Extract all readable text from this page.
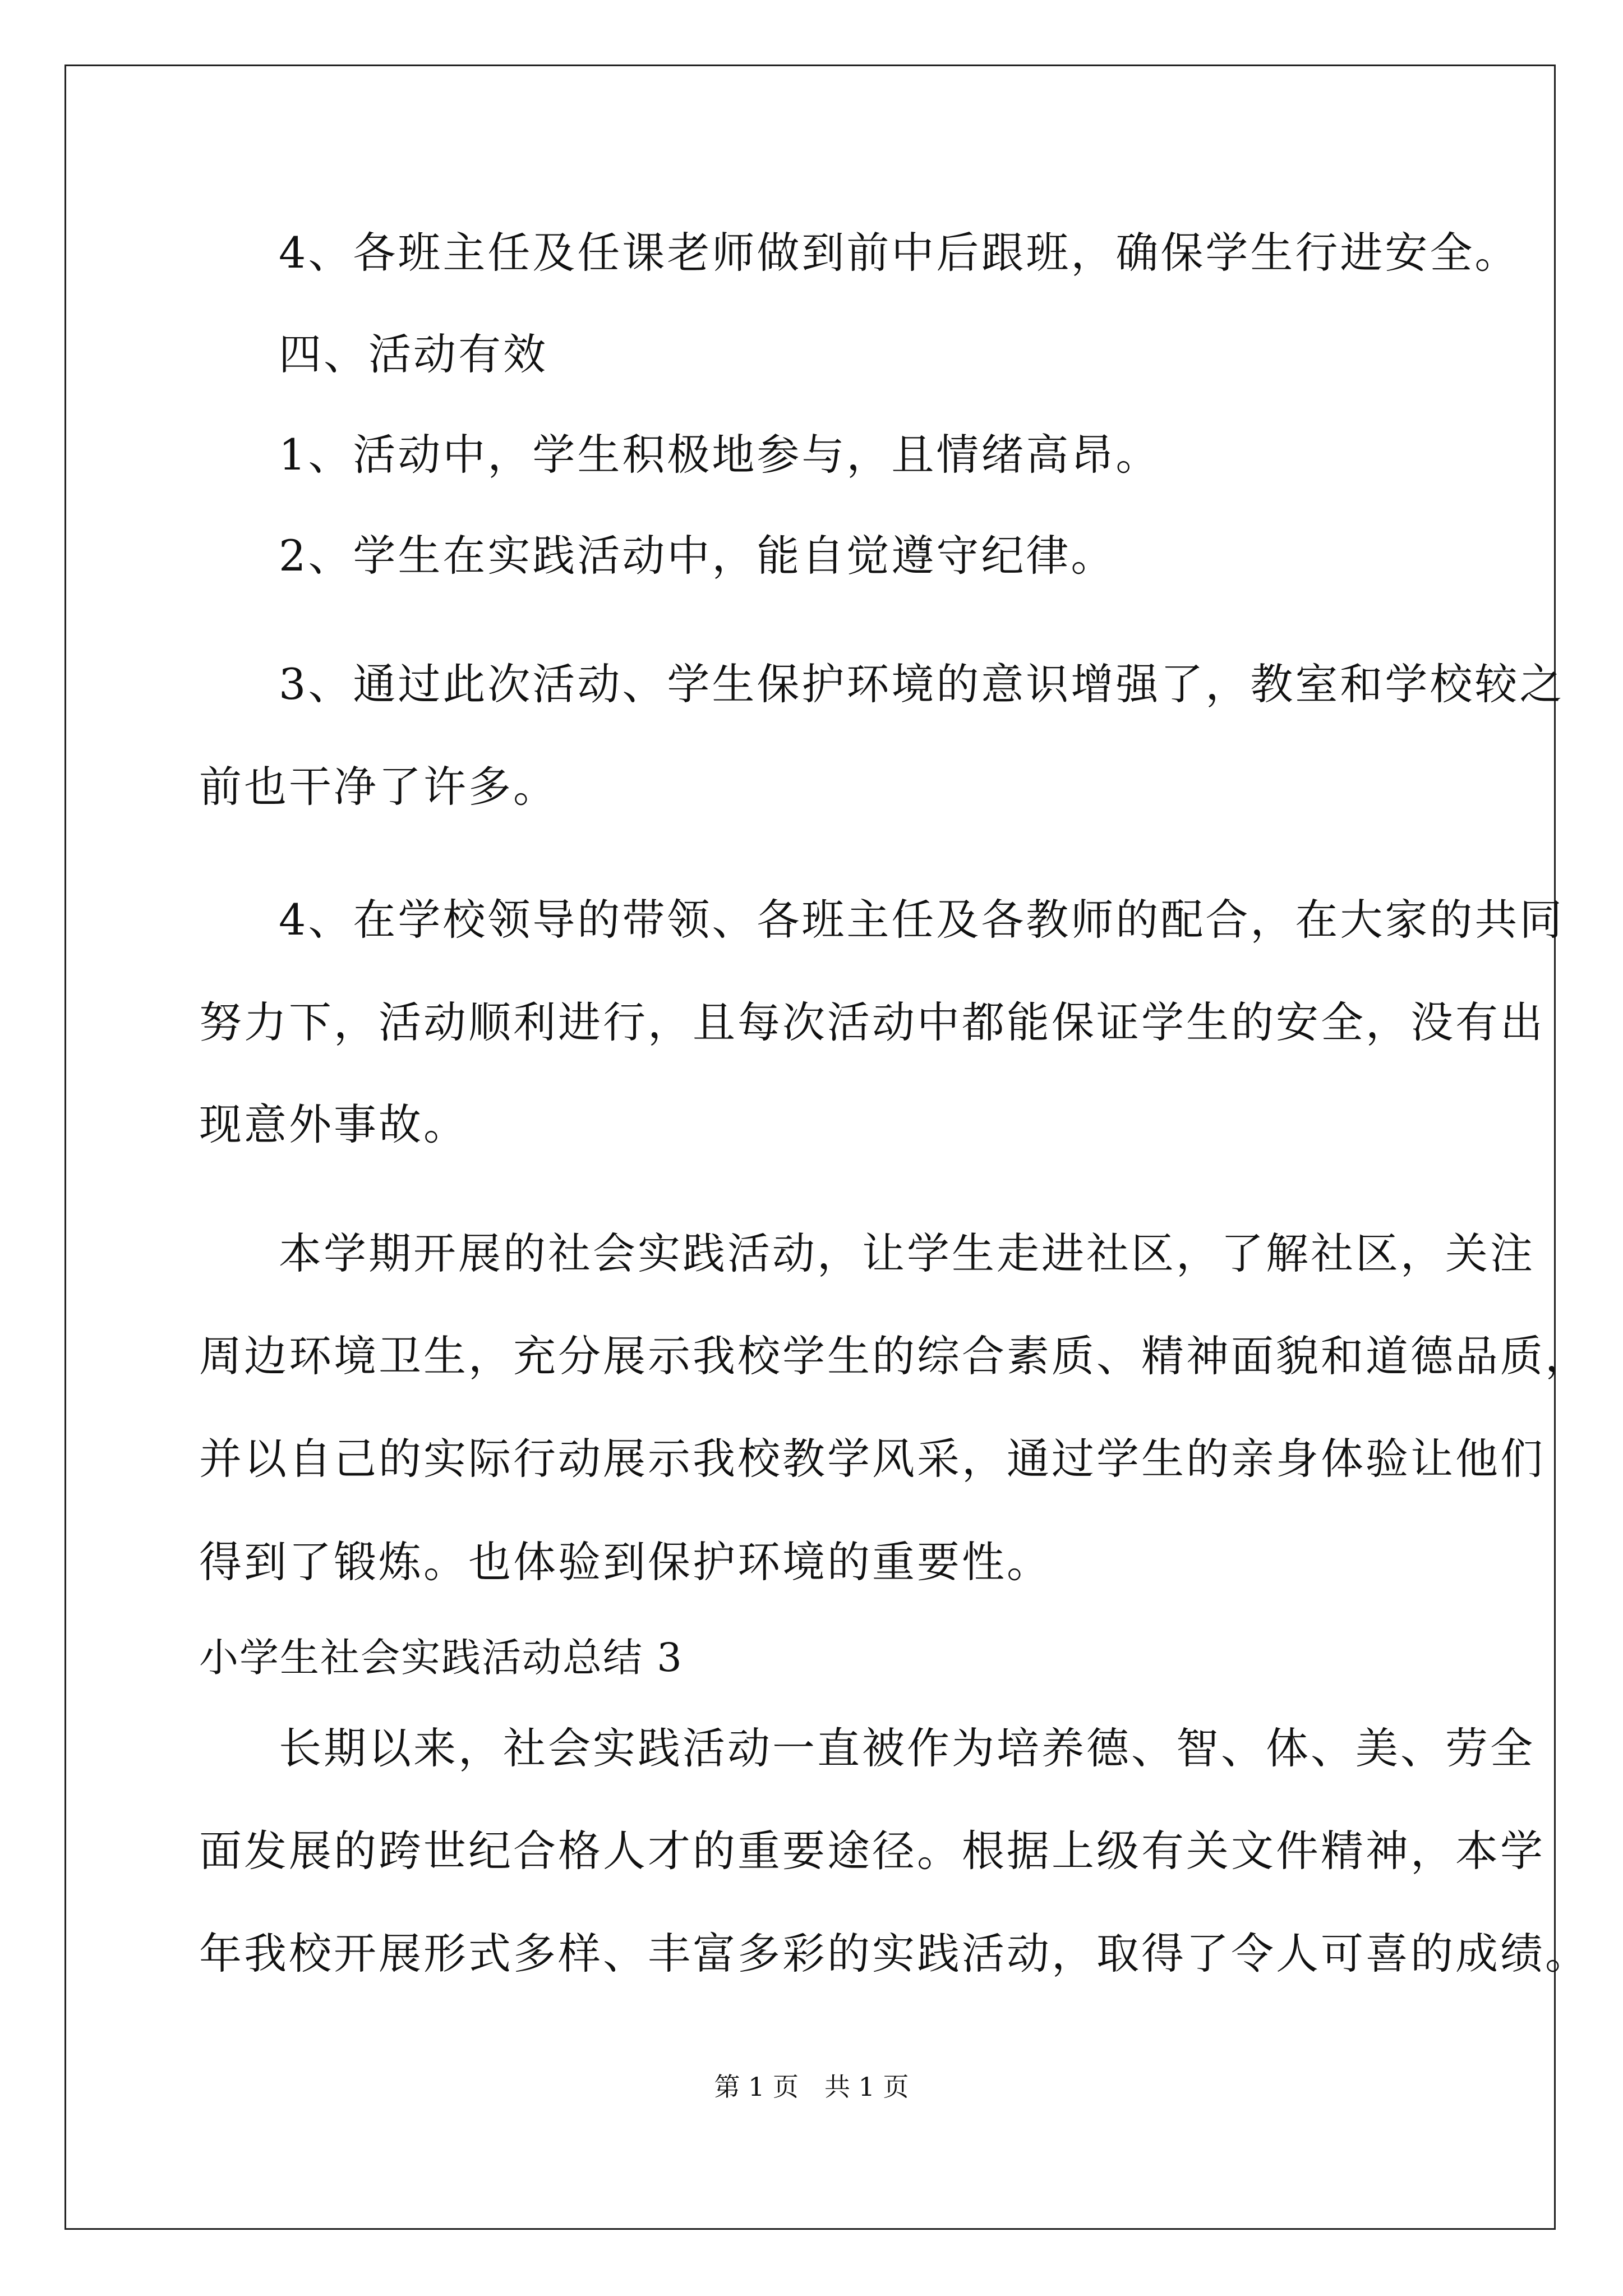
4、各班主任及任课老师做到前中后跟班，确保学生行进安全。
四、活动有效
1、活动中，学生积极地参与，且情绪高昂。
2、学生在实践活动中，能自觉遵守纪律。
3、通过此次活动、学生保护环境的意识增强了，教室和学校较之
前也干净了许多。
4、在学校领导的带领、各班主任及各教师的配合，在大家的共同
努力下，活动顺利进行，且每次活动中都能保证学生的安全，没有出
现意外事故。
本学期开展的社会实践活动，让学生走进社区，了解社区，关注
周边环境卫生，充分展示我校学生的综合素质、精神面貌和道德品质，
并以自己的实际行动展示我校教学风采，通过学生的亲身体验让他们
得到了锻炼。也体验到保护环境的重要性。
小学生社会实践活动总结 3
长期以来，社会实践活动一直被作为培养德、智、体、美、劳全
面发展的跨世纪合格人才的重要途径。根据上级有关文件精神，本学
年我校开展形式多样、丰富多彩的实践活动，取得了令人可喜的成绩。
第 1 页　共 1 页
